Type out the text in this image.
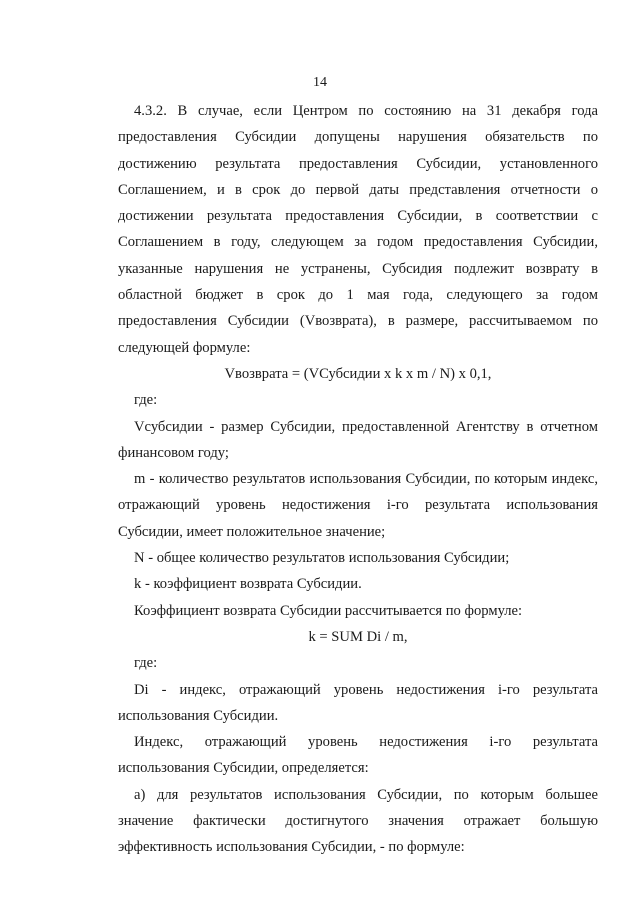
14

4.3.2. В случае, если Центром по состоянию на 31 декабря года предоставления Субсидии допущены нарушения обязательств по достижению результата предоставления Субсидии, установленного Соглашением, и в срок до первой даты представления отчетности о достижении результата предоставления Субсидии, в соответствии с Соглашением в году, следующем за годом предоставления Субсидии, указанные нарушения не устранены, Субсидия подлежит возврату в областной бюджет в срок до 1 мая года, следующего за годом предоставления Субсидии (Vвозврата), в размере, рассчитываемом по следующей формуле:

Vвозврата = (VСубсидии x k x m / N) x 0,1,

где:

Vсубсидии - размер Субсидии, предоставленной Агентству в отчетном финансовом году;

m - количество результатов использования Субсидии, по которым индекс, отражающий уровень недостижения i-го результата использования Субсидии, имеет положительное значение;

N - общее количество результатов использования Субсидии;

k - коэффициент возврата Субсидии.

Коэффициент возврата Субсидии рассчитывается по формуле:

k = SUM Di / m,

где:

Di - индекс, отражающий уровень недостижения i-го результата использования Субсидии.

Индекс, отражающий уровень недостижения i-го результата использования Субсидии, определяется:

а) для результатов использования Субсидии, по которым большее значение фактически достигнутого значения отражает большую эффективность использования Субсидии, - по формуле:
